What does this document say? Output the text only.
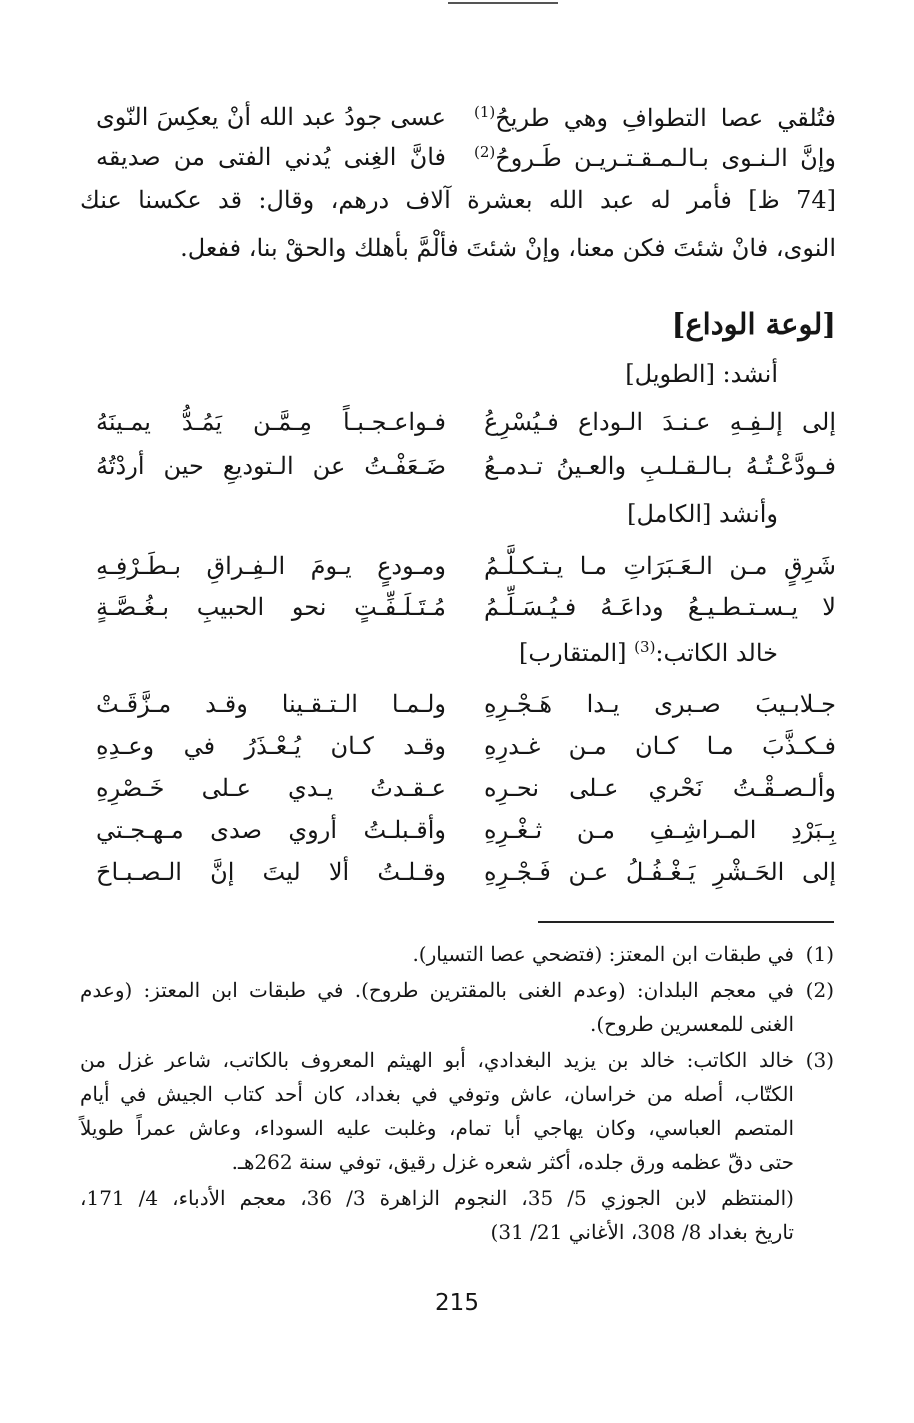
عسى جودُ عبد الله أنْ يعكِسَ النّوى	فتُلقي عصا التطوافِ وهي طريحُ$^{(1)}$
فانَّ الغِنى يُدني الفتى من صديقه	وإنَّ الـنـوى بـالـمـقـتـريـن طَـروحُ$^{(2)}$
[74 ظ] فأمر له عبد الله بعشرة آلاف درهم، وقال: قد عكسنا عنك
النوى، فانْ شئتَ فكن معنا، وإنْ شئتَ فألْمَّ بأهلك والحقْ بنا، ففعل.
[لوعة الوداع]
أنشد: [الطويل]
فـواعـجـبـاً مِـمَّـن يَمُـدُّ يمـينَهُ إلى إلـفِـهِ عـنـدَ الـوداع فـيُسْرِعُ
ضَـعَفْـتُ عن الـتوديعِ حين أردْتُهُ فـودَّعْـتُـهُ بـالـقـلـبِ والعـينُ تـدمـعُ
وأنشد [الكامل]
ومـودعٍ يـومَ الـفِـراقِ بـطَـرْفِـهِ شَرِقٍ مـن الـعَـبَرَاتِ مـا يـتـكـلَّـمُ
مُـتَـلَـفِّـتٍ نحو الحبيبِ بـغُـصَّـةٍ لا يـسـتـطـيـعُ وداعَـهُ فـيُـسَـلِّـمُ
خالد الكاتب:$^{(3)}$ [المتقارب]
ولـمـا الـتـقـينا وقـد مـزَّقَـتْ جـلابـيبَ صـبرى يـدا هَـجْـرِهِ
وقـد كـان يُـعْـذَرُ في وعـدِهِ فـكـذَّبَ مـا كـان مـن غـدرِهِ
عـقـدتُ يـدي عـلى خَـصْرِهِ وألـصـقْـتُ نَحْري عـلى نحـرِه
وأقـبلـتُ أروي صدى مـهـجـتي بِـبَرْدِ المـراشِـفِ مـن ثـغْـرِهِ
وقـلـتُ ألا ليتَ إنَّ الـصـبـاحَ إلى الحَـشْرِ يَـغْـفُـلُ عـن فَـجْـرِهِ
(1)
في طبقات ابن المعتز: (فتضحي عصا التسيار).
(2)
في معجم البلدان: (وعدم الغنى بالمقترين طروح). في طبقات ابن المعتز: (وعدم
الغنى للمعسرين طروح).
(3)
خالد الكاتب: خالد بن يزيد البغدادي، أبو الهيثم المعروف بالكاتب، شاعر غزل من
الكتّاب، أصله من خراسان، عاش وتوفي في بغداد، كان أحد كتاب الجيش في أيام
المتصم العباسي، وكان يهاجي أبا تمام، وغلبت عليه السوداء، وعاش عمراً طويلاً
حتى دقّ عظمه ورق جلده، أكثر شعره غزل رقيق، توفي سنة 262هـ.
(المنتظم لابن الجوزي 5/ 35، النجوم الزاهرة 3/ 36، معجم الأدباء، 4/ 171،
تاريخ بغداد 8/ 308، الأغاني 21/ 31)
215
